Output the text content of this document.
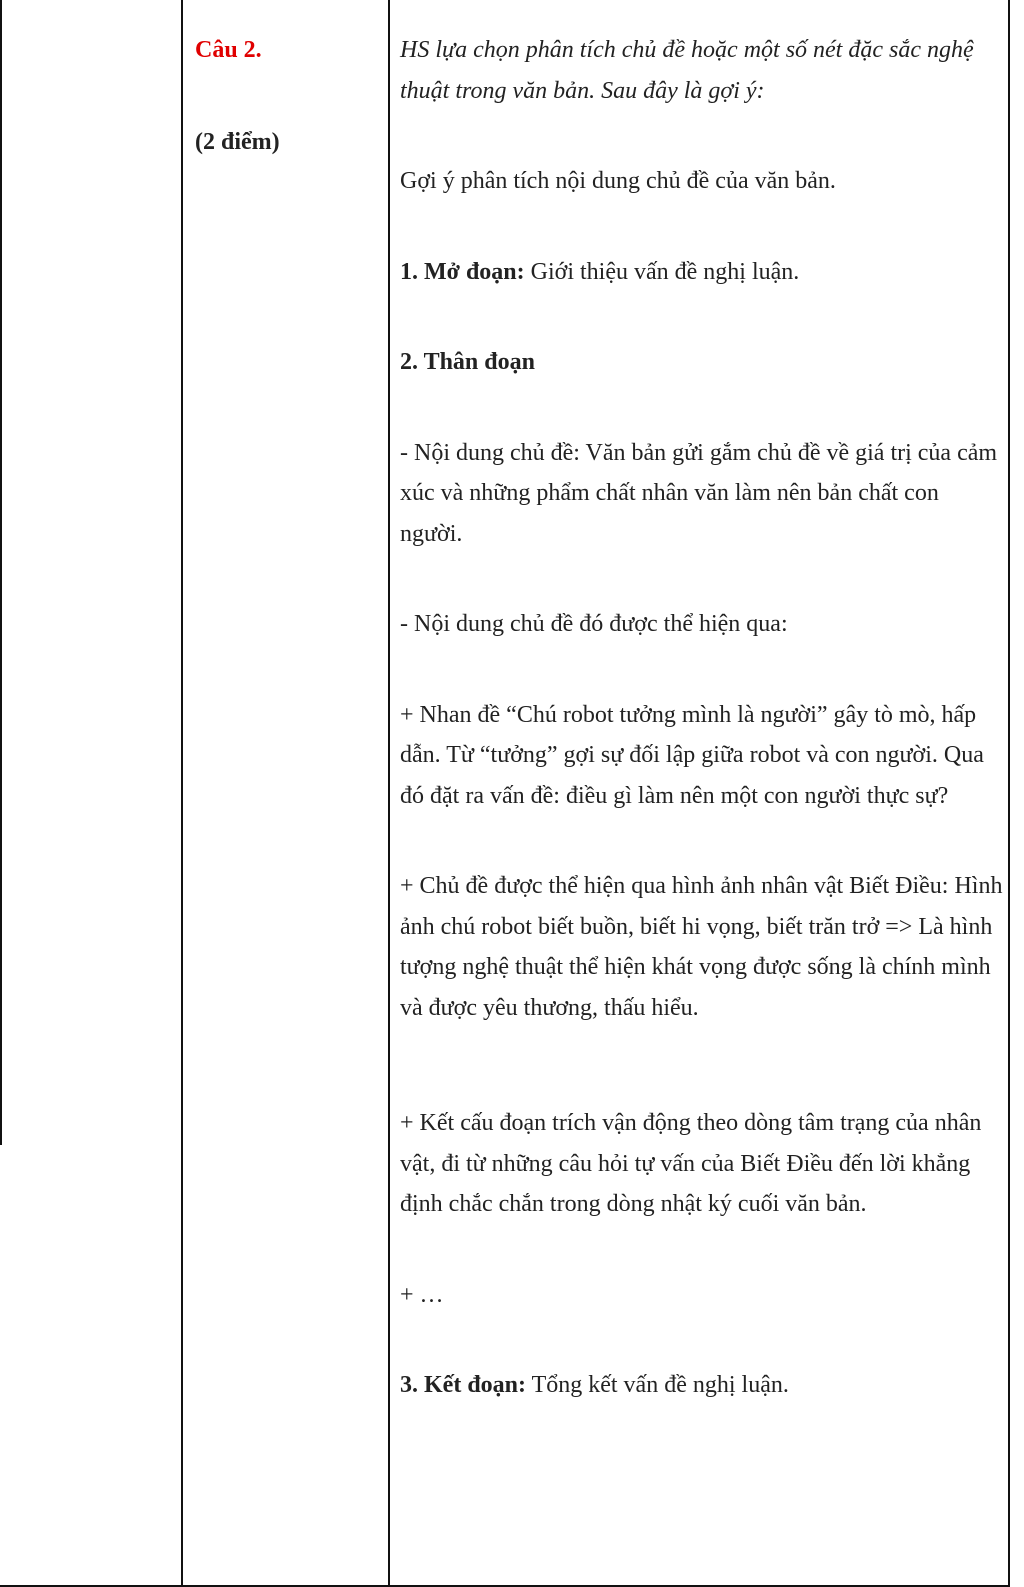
Câu 2.

(2 điểm)

HS lựa chọn phân tích chủ đề hoặc một số nét đặc sắc nghệ thuật trong văn bản. Sau đây là gợi ý:

Gợi ý phân tích nội dung chủ đề của văn bản.

1. Mở đoạn: Giới thiệu vấn đề nghị luận.

2. Thân đoạn

- Nội dung chủ đề: Văn bản gửi gắm chủ đề về giá trị của cảm xúc và những phẩm chất nhân văn làm nên bản chất con người.

- Nội dung chủ đề đó được thể hiện qua:

+ Nhan đề “Chú robot tưởng mình là người” gây tò mò, hấp dẫn. Từ “tưởng” gợi sự đối lập giữa robot và con người. Qua đó đặt ra vấn đề: điều gì làm nên một con người thực sự?

+ Chủ đề được thể hiện qua hình ảnh nhân vật Biết Điều: Hình ảnh chú robot biết buồn, biết hi vọng, biết trăn trở => Là hình tượng nghệ thuật thể hiện khát vọng được sống là chính mình và được yêu thương, thấu hiểu.

+ Kết cấu đoạn trích vận động theo dòng tâm trạng của nhân vật, đi từ những câu hỏi tự vấn của Biết Điều đến lời khẳng định chắc chắn trong dòng nhật ký cuối văn bản.

+ …

3. Kết đoạn: Tổng kết vấn đề nghị luận.
